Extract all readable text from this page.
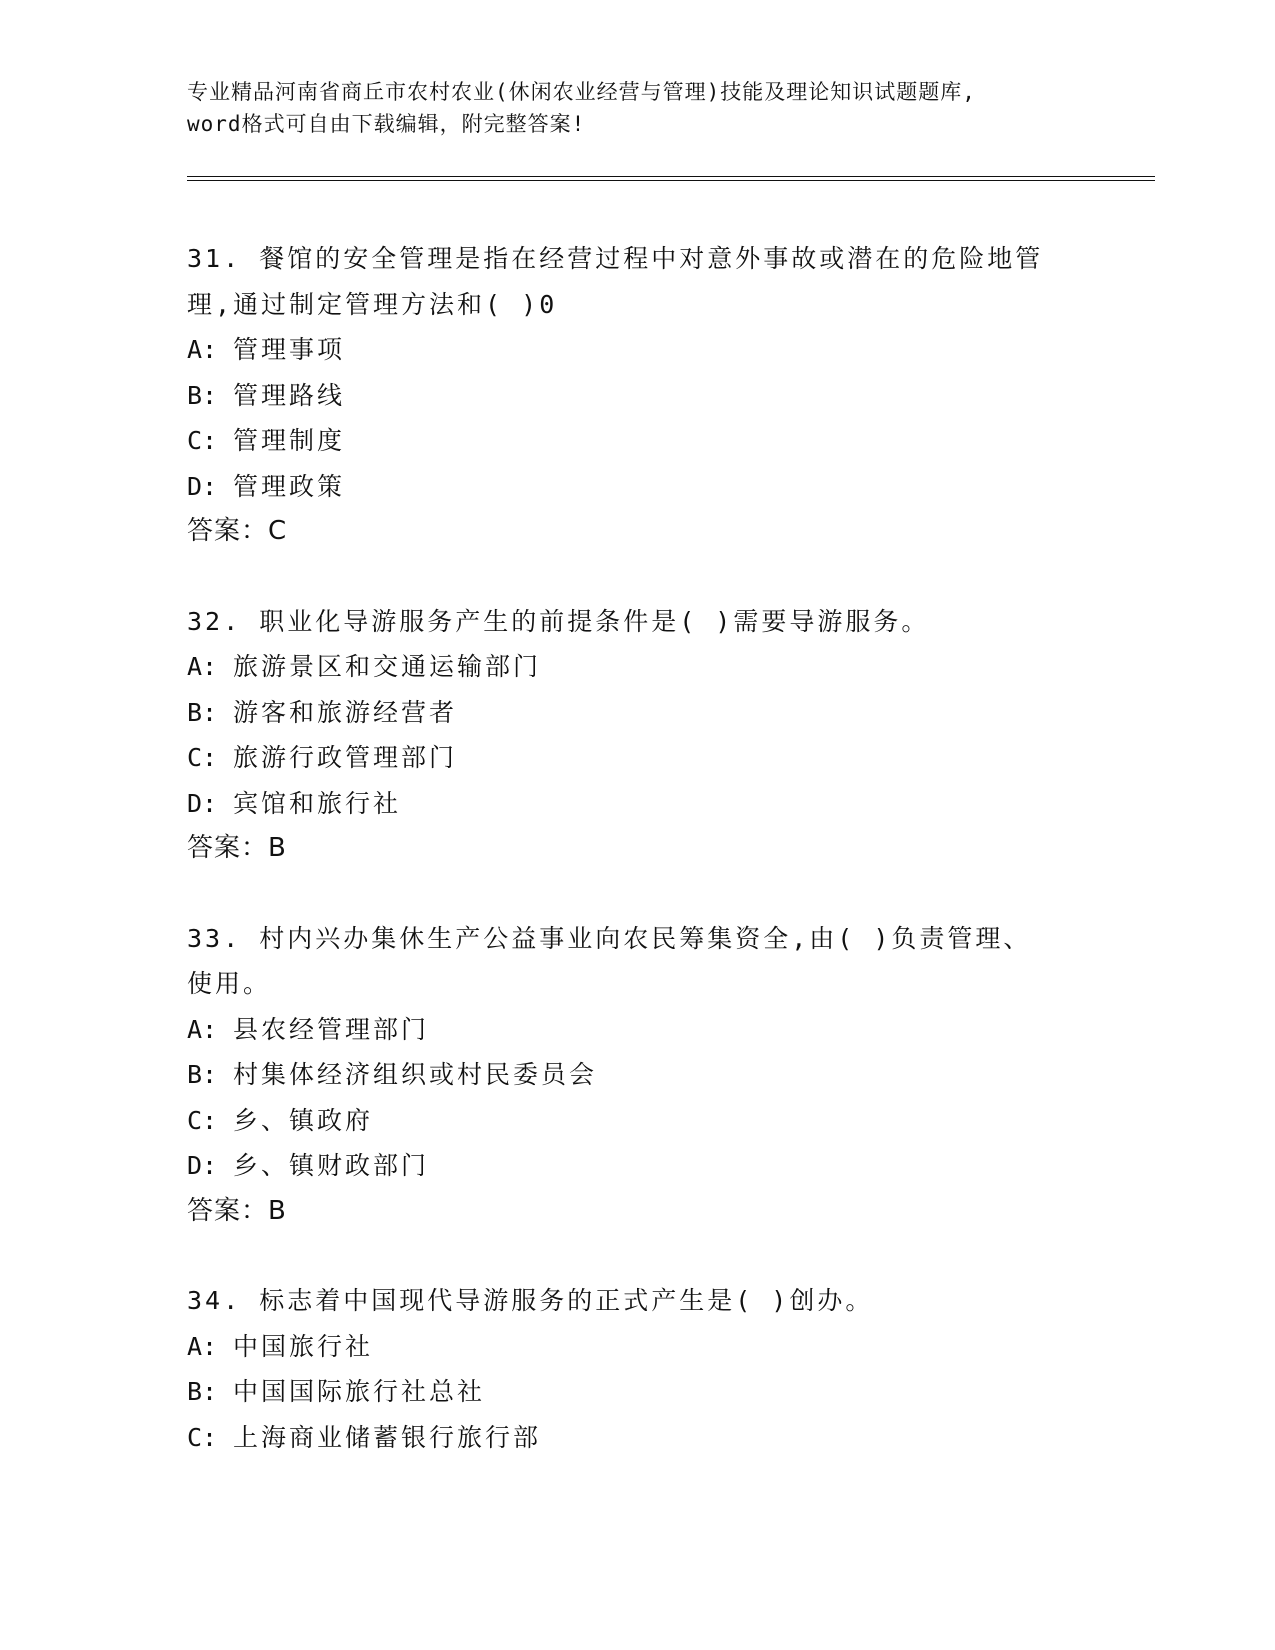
专业精品河南省商丘市农村农业(休闲农业经营与管理)技能及理论知识试题题库,
word格式可自由下载编辑，附完整答案!
31. 餐馆的安全管理是指在经营过程中对意外事故或潜在的危险地管
理,通过制定管理方法和( )0
A: 管理事项
B: 管理路线
C: 管理制度
D: 管理政策
答案：C
32. 职业化导游服务产生的前提条件是( )需要导游服务。
A: 旅游景区和交通运输部门
B: 游客和旅游经营者
C: 旅游行政管理部门
D: 宾馆和旅行社
答案：B
33. 村内兴办集休生产公益事业向农民筹集资全,由( )负责管理、
使用。
A: 县农经管理部门
B: 村集体经济组织或村民委员会
C: 乡、镇政府
D: 乡、镇财政部门
答案：B
34. 标志着中国现代导游服务的正式产生是( )创办。
A: 中国旅行社
B: 中国国际旅行社总社
C: 上海商业储蓄银行旅行部
